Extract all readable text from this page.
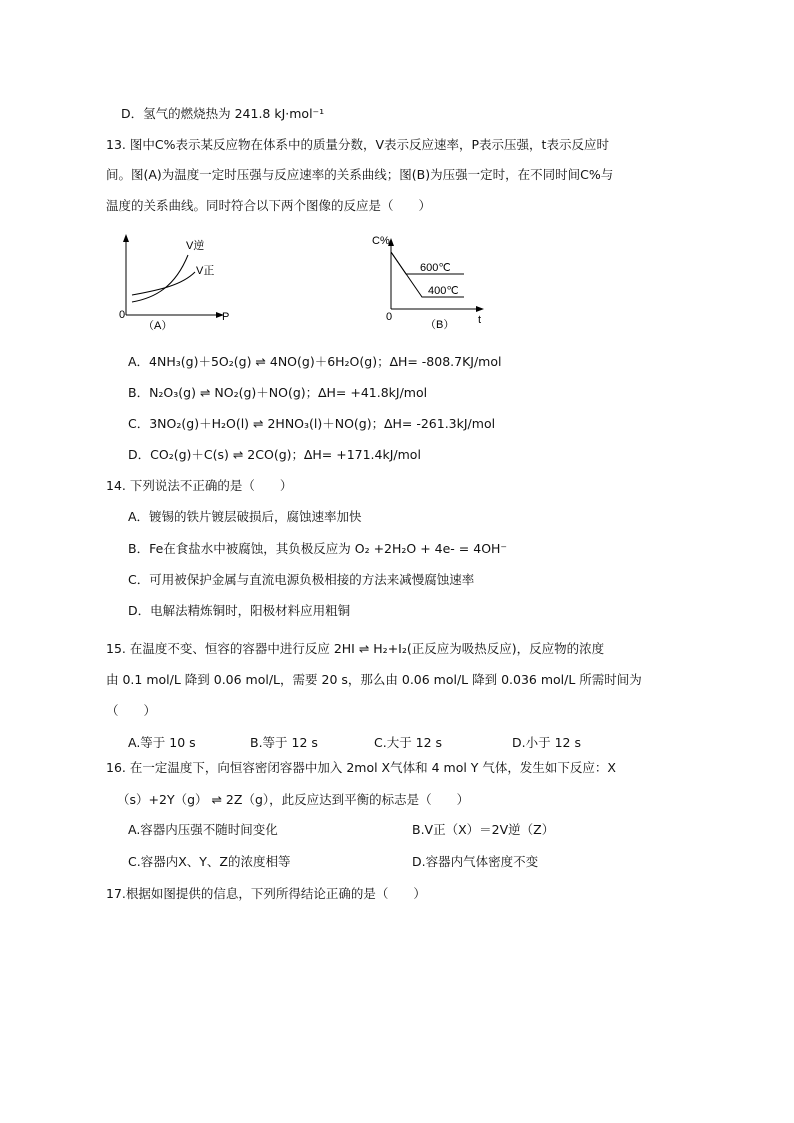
D．氢气的燃烧热为 241.8 kJ·mol⁻¹
13. 图中C%表示某反应物在体系中的质量分数，V表示反应速率，P表示压强，t表示反应时
间。图(A)为温度一定时压强与反应速率的关系曲线；图(B)为压强一定时，在不同时间C%与
温度的关系曲线。同时符合以下两个图像的反应是（　　）
V逆
V正
0	P
（A）
C%
600℃
400℃
0	t
（B）
A．4NH₃(g)＋5O₂(g) ⇌ 4NO(g)＋6H₂O(g)；∆H= -808.7KJ/mol
B．N₂O₃(g) ⇌ NO₂(g)＋NO(g)；∆H= +41.8kJ/mol
C．3NO₂(g)＋H₂O(l) ⇌ 2HNO₃(l)＋NO(g)；∆H= -261.3kJ/mol
D．CO₂(g)＋C(s) ⇌ 2CO(g)；∆H= +171.4kJ/mol
14. 下列说法不正确的是（　　）
A．镀锡的铁片镀层破损后，腐蚀速率加快
B．Fe在食盐水中被腐蚀，其负极反应为 O₂ +2H₂O + 4e- = 4OH⁻
C．可用被保护金属与直流电源负极相接的方法来减慢腐蚀速率
D．电解法精炼铜时，阳极材料应用粗铜
15. 在温度不变、恒容的容器中进行反应 2HI ⇌ H₂+I₂(正反应为吸热反应)，反应物的浓度
由 0.1 mol/L 降到 0.06 mol/L，需要 20 s，那么由 0.06 mol/L 降到 0.036 mol/L 所需时间为
（　　）
A.等于 10 s	B.等于 12 s	C.大于 12 s	D.小于 12 s
16. 在一定温度下，向恒容密闭容器中加入 2mol X气体和 4 mol Y 气体，发生如下反应：X
（s）+2Y（g） ⇌ 2Z（g），此反应达到平衡的标志是（　　）
A.容器内压强不随时间变化	B.V正（X）＝2V逆（Z）
C.容器内X、Y、Z的浓度相等	D.容器内气体密度不变
17.根据如图提供的信息，下列所得结论正确的是（　　）
